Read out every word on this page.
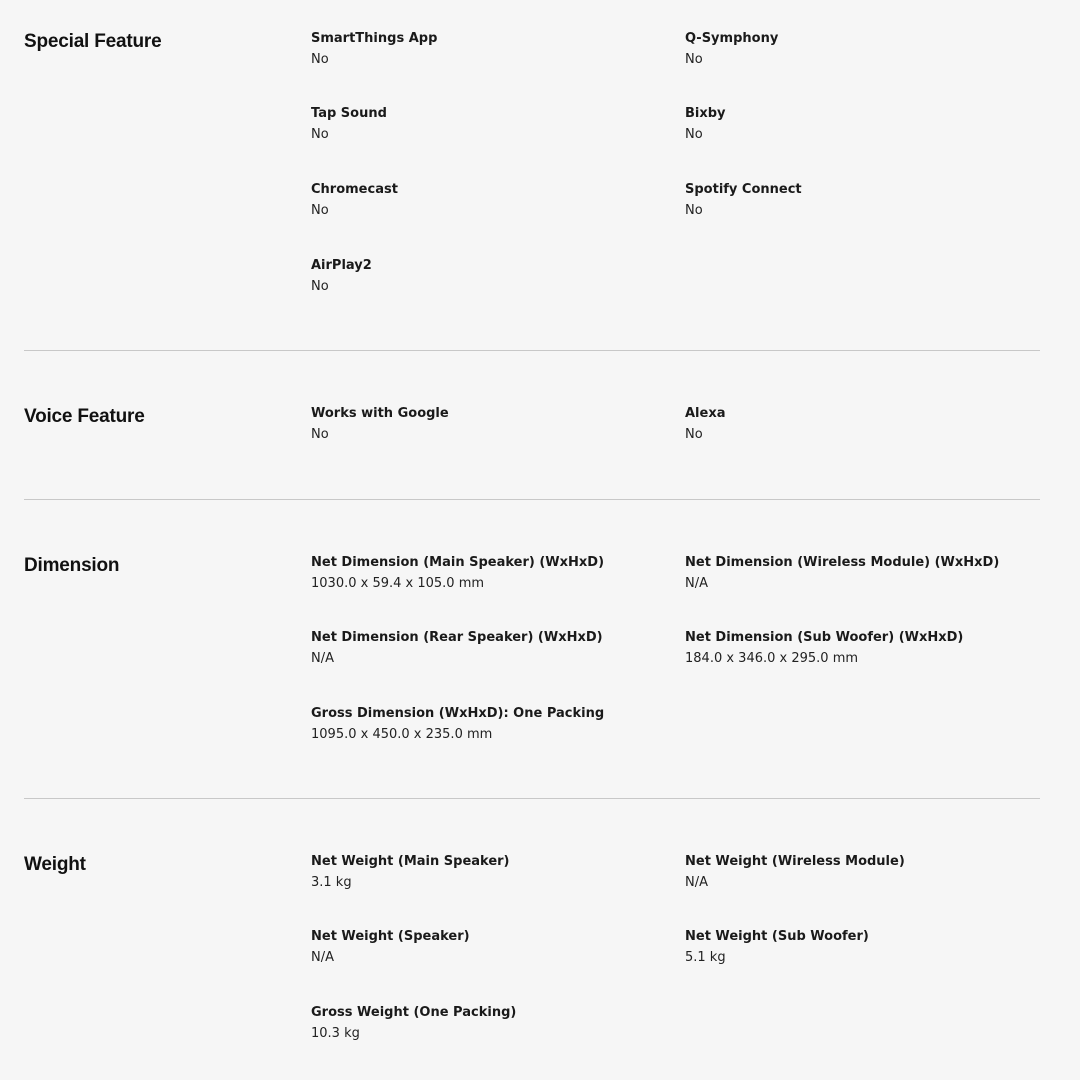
Special Feature	SmartThings App
No
Q-Symphony
No
Tap Sound
No
Bixby
No
Chromecast
No
Spotify Connect
No
AirPlay2
No
Voice Feature	Works with Google
No
Alexa
No
Dimension	Net Dimension (Main Speaker) (WxHxD)
1030.0 x 59.4 x 105.0 mm
Net Dimension (Wireless Module) (WxHxD)
N/A
Net Dimension (Rear Speaker) (WxHxD)
N/A
Net Dimension (Sub Woofer) (WxHxD)
184.0 x 346.0 x 295.0 mm
Gross Dimension (WxHxD): One Packing
1095.0 x 450.0 x 235.0 mm
Weight	Net Weight (Main Speaker)
3.1 kg
Net Weight (Wireless Module)
N/A
Net Weight (Speaker)
N/A
Net Weight (Sub Woofer)
5.1 kg
Gross Weight (One Packing)
10.3 kg
